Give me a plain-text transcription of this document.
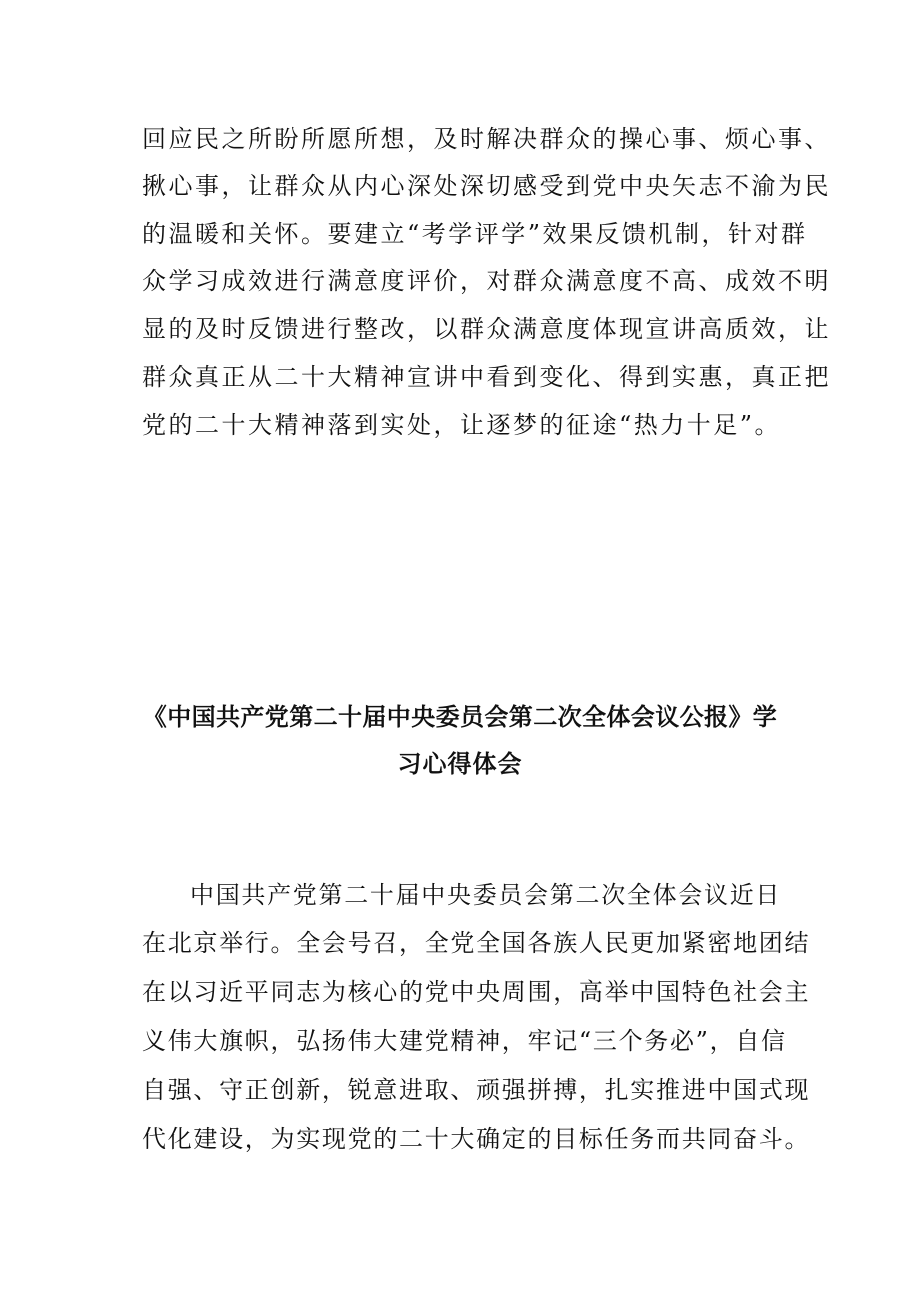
回应民之所盼所愿所想，及时解决群众的操心事、烦心事、
揪心事，让群众从内心深处深切感受到党中央矢志不渝为民
的温暖和关怀。要建立“考学评学”效果反馈机制，针对群
众学习成效进行满意度评价，对群众满意度不高、成效不明
显的及时反馈进行整改，以群众满意度体现宣讲高质效，让
群众真正从二十大精神宣讲中看到变化、得到实惠，真正把
党的二十大精神落到实处，让逐梦的征途“热力十足”。
《中国共产党第二十届中央委员会第二次全体会议公报》学
习心得体会
中国共产党第二十届中央委员会第二次全体会议近日
在北京举行。全会号召，全党全国各族人民更加紧密地团结
在以习近平同志为核心的党中央周围，高举中国特色社会主
义伟大旗帜，弘扬伟大建党精神，牢记“三个务必”，自信
自强、守正创新，锐意进取、顽强拼搏，扎实推进中国式现
代化建设，为实现党的二十大确定的目标任务而共同奋斗。
